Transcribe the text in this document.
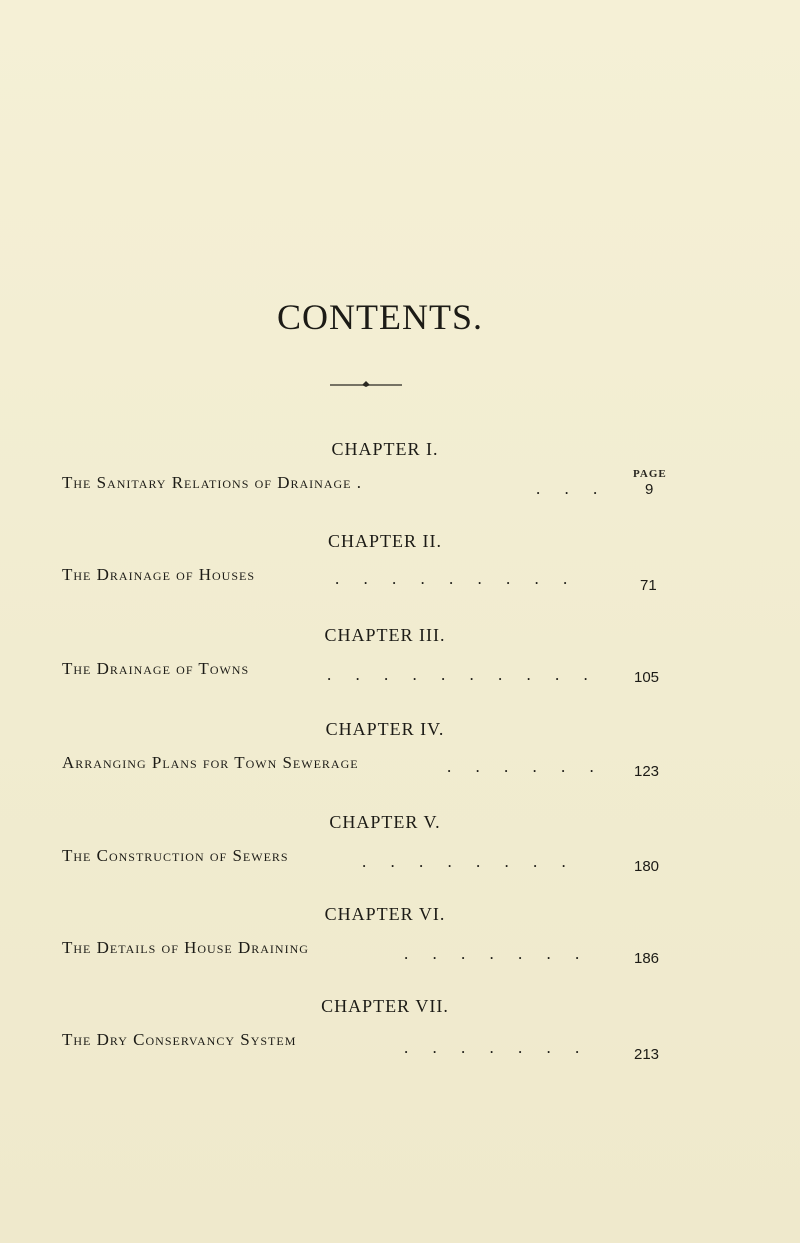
CONTENTS.
PAGE
CHAPTER I.
The Sanitary Relations of Drainage .	. . .	9
CHAPTER II.
The Drainage of Houses	. . . . . . . . .	71
CHAPTER III.
The Drainage of Towns	. . . . . . . . . . 105
CHAPTER IV.
Arranging Plans for Town Sewerage	. . . . . . 123
CHAPTER V.
The Construction of Sewers	. . . . . . . .	180
CHAPTER VI.
The Details of House Draining	. . . . . . .	186
CHAPTER VII.
The Dry Conservancy System	. . . . . . .	213
